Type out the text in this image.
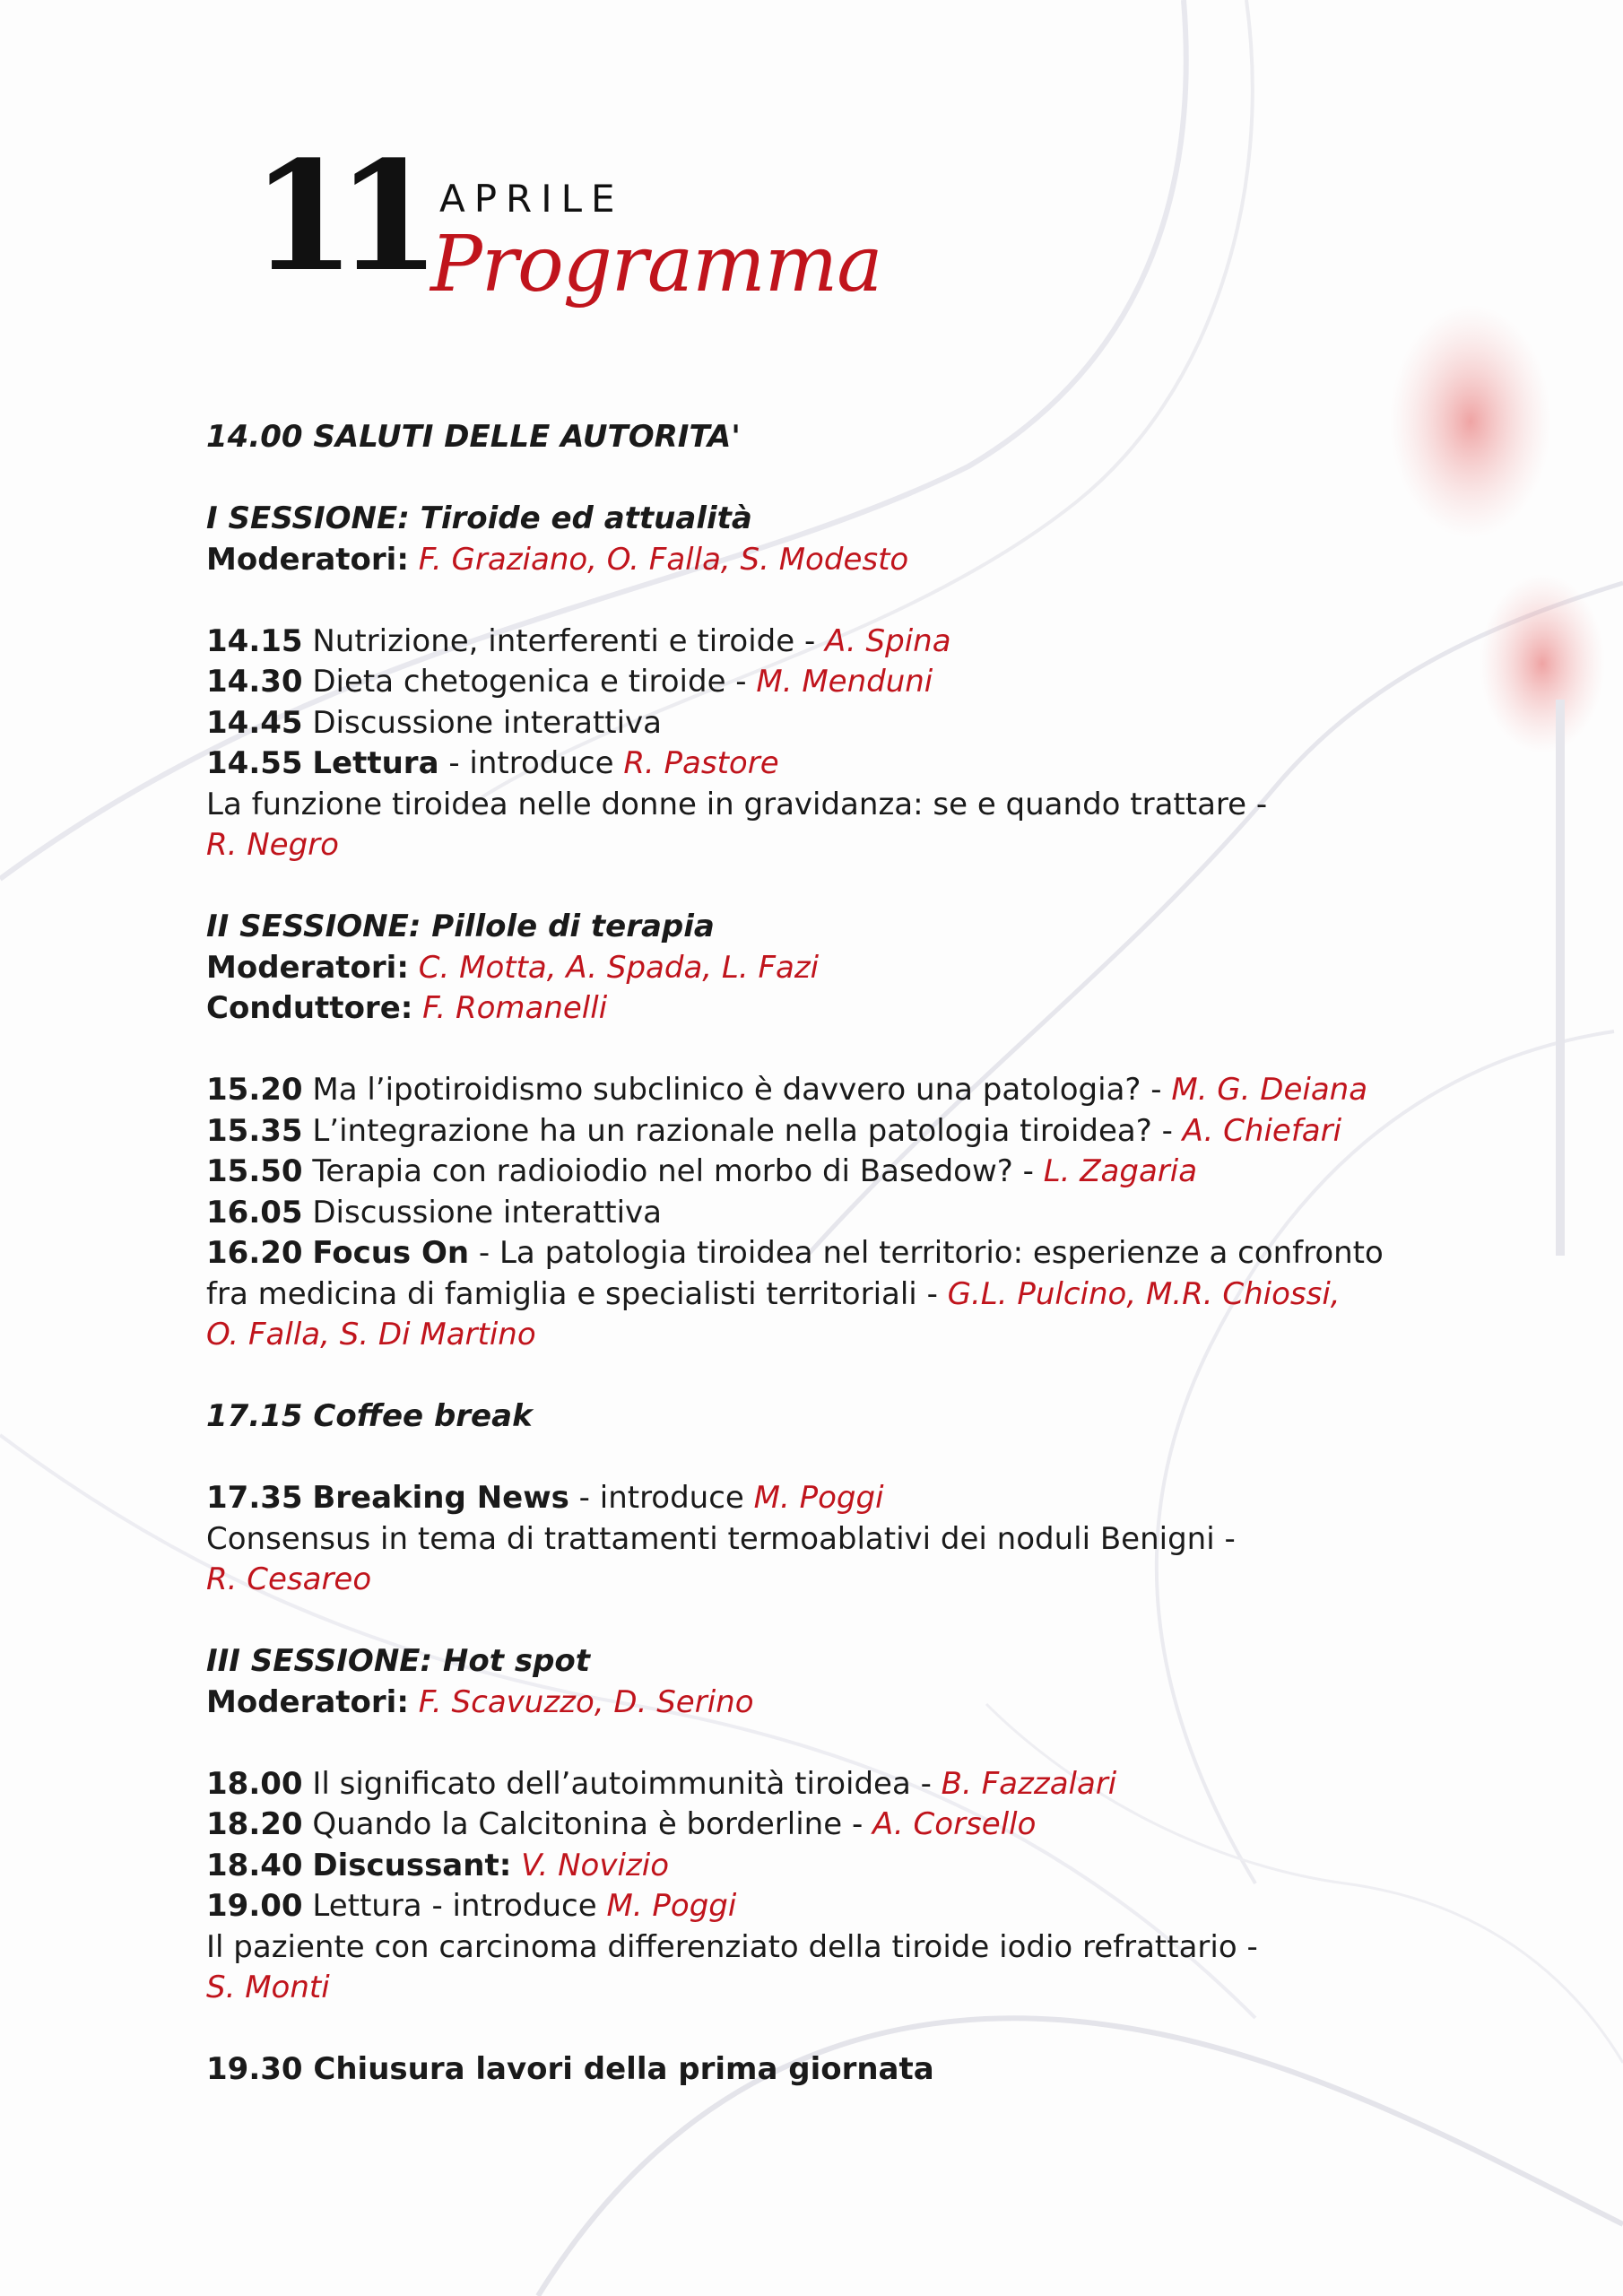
11 APRILE
Programma
14.00 SALUTI DELLE AUTORITA'
I SESSIONE: Tiroide ed attualità
Moderatori: F. Graziano, O. Falla, S. Modesto
14.15 Nutrizione, interferenti e tiroide - A. Spina
14.30 Dieta chetogenica e tiroide - M. Menduni
14.45 Discussione interattiva
14.55 Lettura - introduce R. Pastore
La funzione tiroidea nelle donne in gravidanza: se e quando trattare -
R. Negro
II SESSIONE: Pillole di terapia
Moderatori: C. Motta, A. Spada, L. Fazi
Conduttore: F. Romanelli
15.20 Ma l’ipotiroidismo subclinico è davvero una patologia? - M. G. Deiana
15.35 L’integrazione ha un razionale nella patologia tiroidea? - A. Chiefari
15.50 Terapia con radioiodio nel morbo di Basedow? - L. Zagaria
16.05 Discussione interattiva
16.20 Focus On - La patologia tiroidea nel territorio: esperienze a confronto
fra medicina di famiglia e specialisti territoriali - G.L. Pulcino, M.R. Chiossi,
O. Falla, S. Di Martino
17.15 Coffee break
17.35 Breaking News - introduce M. Poggi
Consensus in tema di trattamenti termoablativi dei noduli Benigni -
R. Cesareo
III SESSIONE: Hot spot
Moderatori: F. Scavuzzo, D. Serino
18.00 Il significato dell’autoimmunità tiroidea - B. Fazzalari
18.20 Quando la Calcitonina è borderline - A. Corsello
18.40 Discussant: V. Novizio
19.00 Lettura - introduce M. Poggi
Il paziente con carcinoma differenziato della tiroide iodio refrattario -
S. Monti
19.30 Chiusura lavori della prima giornata
